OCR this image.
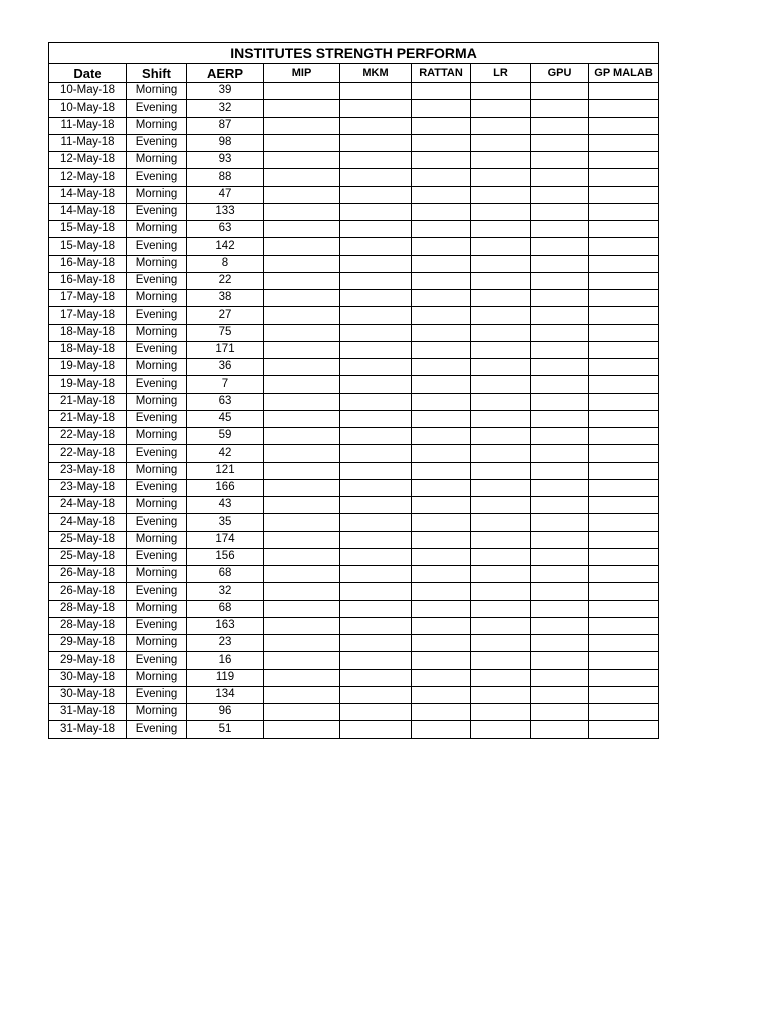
INSTITUTES STRENGTH PERFORMA								
Date	Shift	AERP	MIP	MKM	RATTAN	LR	GPU	GP MALAB
10-May-18	Morning	39						
10-May-18	Evening	32						
11-May-18	Morning	87						
11-May-18	Evening	98						
12-May-18	Morning	93						
12-May-18	Evening	88						
14-May-18	Morning	47						
14-May-18	Evening	133						
15-May-18	Morning	63						
15-May-18	Evening	142						
16-May-18	Morning	8						
16-May-18	Evening	22						
17-May-18	Morning	38						
17-May-18	Evening	27						
18-May-18	Morning	75						
18-May-18	Evening	171						
19-May-18	Morning	36						
19-May-18	Evening	7						
21-May-18	Morning	63						
21-May-18	Evening	45						
22-May-18	Morning	59						
22-May-18	Evening	42						
23-May-18	Morning	121						
23-May-18	Evening	166						
24-May-18	Morning	43						
24-May-18	Evening	35						
25-May-18	Morning	174						
25-May-18	Evening	156						
26-May-18	Morning	68						
26-May-18	Evening	32						
28-May-18	Morning	68						
28-May-18	Evening	163						
29-May-18	Morning	23						
29-May-18	Evening	16						
30-May-18	Morning	119						
30-May-18	Evening	134						
31-May-18	Morning	96						
31-May-18	Evening	51						
